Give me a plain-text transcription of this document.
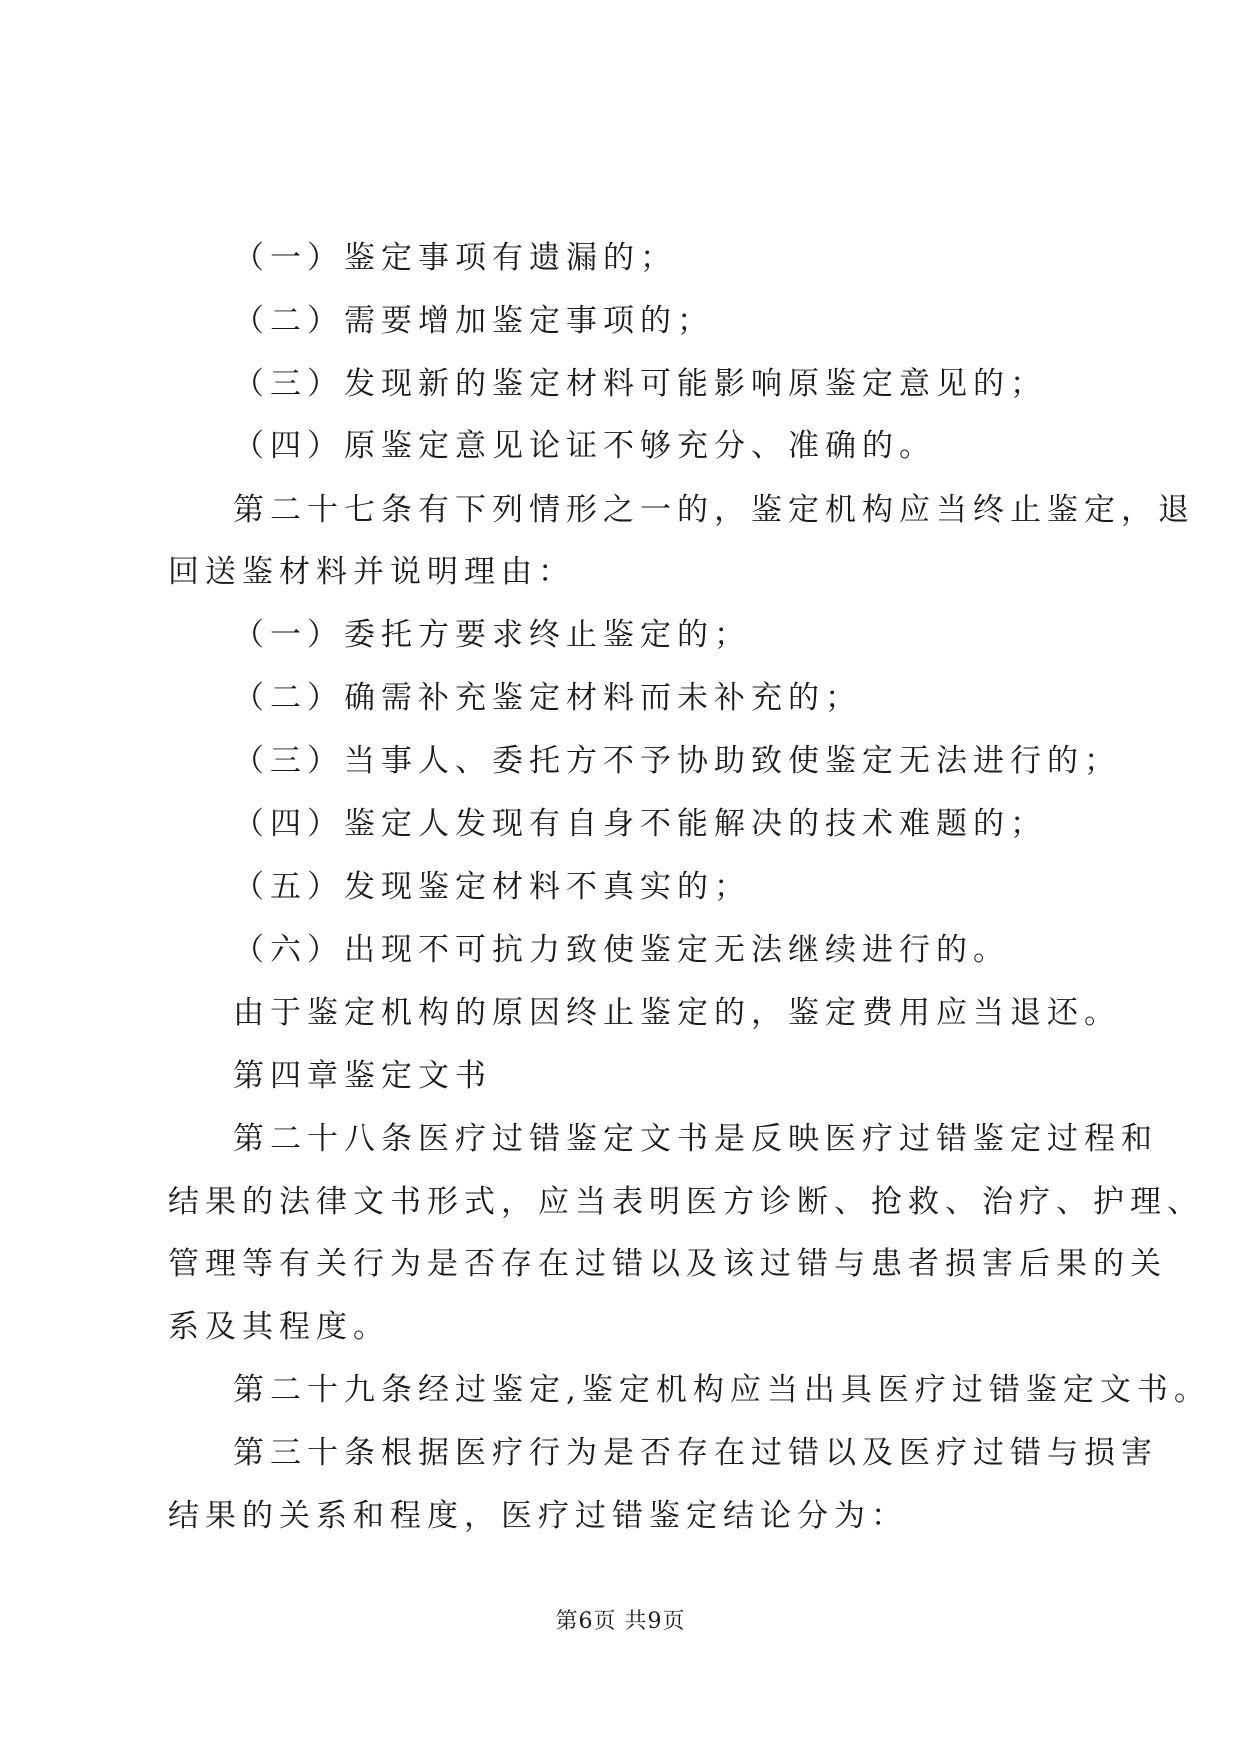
（一）鉴定事项有遗漏的；
（二）需要增加鉴定事项的；
（三）发现新的鉴定材料可能影响原鉴定意见的；
（四）原鉴定意见论证不够充分、准确的。
第二十七条有下列情形之一的，鉴定机构应当终止鉴定，退
回送鉴材料并说明理由：
（一）委托方要求终止鉴定的；
（二）确需补充鉴定材料而未补充的；
（三）当事人、委托方不予协助致使鉴定无法进行的；
（四）鉴定人发现有自身不能解决的技术难题的；
（五）发现鉴定材料不真实的；
（六）出现不可抗力致使鉴定无法继续进行的。
由于鉴定机构的原因终止鉴定的，鉴定费用应当退还。
第四章鉴定文书
第二十八条医疗过错鉴定文书是反映医疗过错鉴定过程和
结果的法律文书形式，应当表明医方诊断、抢救、治疗、护理、
管理等有关行为是否存在过错以及该过错与患者损害后果的关
系及其程度。
第二十九条经过鉴定,鉴定机构应当出具医疗过错鉴定文书。
第三十条根据医疗行为是否存在过错以及医疗过错与损害
结果的关系和程度，医疗过错鉴定结论分为：
第6页 共9页
